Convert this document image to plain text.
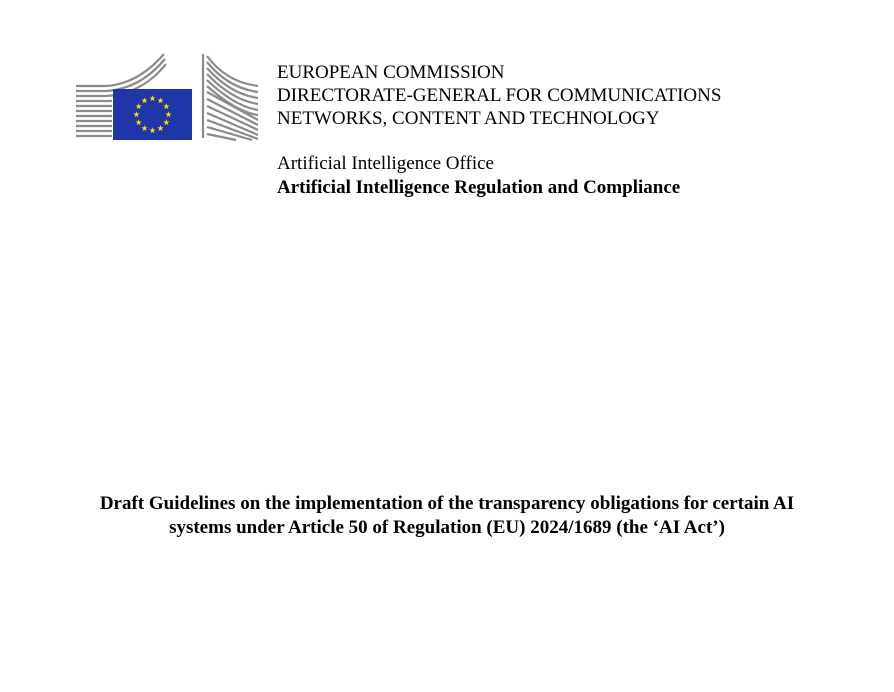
EUROPEAN COMMISSION
DIRECTORATE-GENERAL FOR COMMUNICATIONS
NETWORKS, CONTENT AND TECHNOLOGY
Artificial Intelligence Office
Artificial Intelligence Regulation and Compliance
Draft Guidelines on the implementation of the transparency obligations for certain AI
systems under Article 50 of Regulation (EU) 2024/1689 (the ‘AI Act’)
